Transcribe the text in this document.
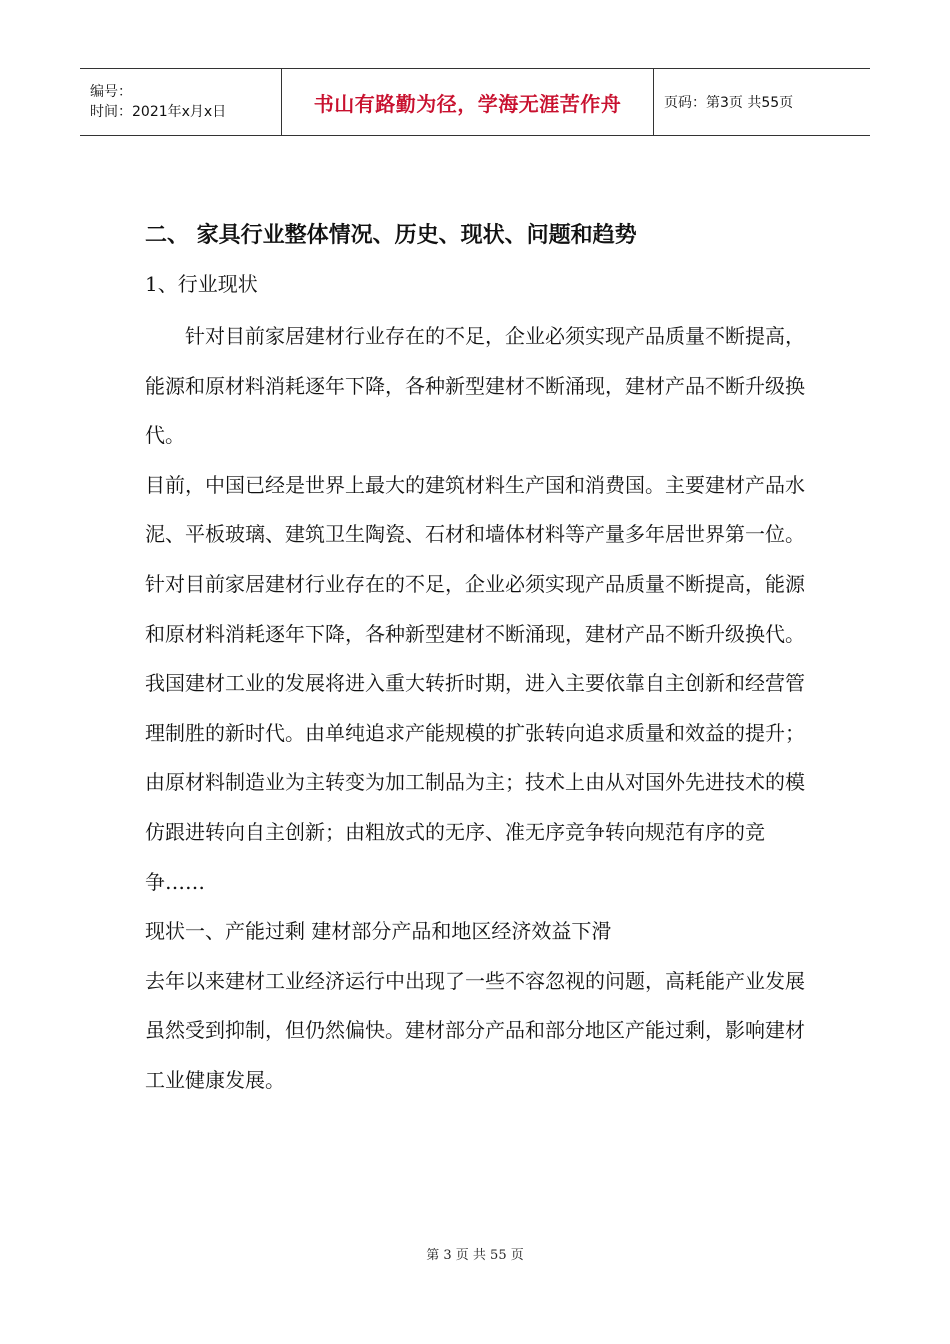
编号：
时间：2021年x月x日	书山有路勤为径，学海无涯苦作舟	页码：第3页 共55页
二、 家具行业整体情况、历史、现状、问题和趋势
1、行业现状

针对目前家居建材行业存在的不足，企业必须实现产品质量不断提高，能源和原材料消耗逐年下降，各种新型建材不断涌现，建材产品不断升级换代。

目前，中国已经是世界上最大的建筑材料生产国和消费国。主要建材产品水泥、平板玻璃、建筑卫生陶瓷、石材和墙体材料等产量多年居世界第一位。

针对目前家居建材行业存在的不足，企业必须实现产品质量不断提高，能源和原材料消耗逐年下降，各种新型建材不断涌现，建材产品不断升级换代。

我国建材工业的发展将进入重大转折时期，进入主要依靠自主创新和经营管理制胜的新时代。由单纯追求产能规模的扩张转向追求质量和效益的提升；由原材料制造业为主转变为加工制品为主；技术上由从对国外先进技术的模仿跟进转向自主创新；由粗放式的无序、准无序竞争转向规范有序的竞争……

现状一、产能过剩 建材部分产品和地区经济效益下滑

去年以来建材工业经济运行中出现了一些不容忽视的问题，高耗能产业发展虽然受到抑制，但仍然偏快。建材部分产品和部分地区产能过剩，影响建材工业健康发展。

第 3 页 共 55 页
